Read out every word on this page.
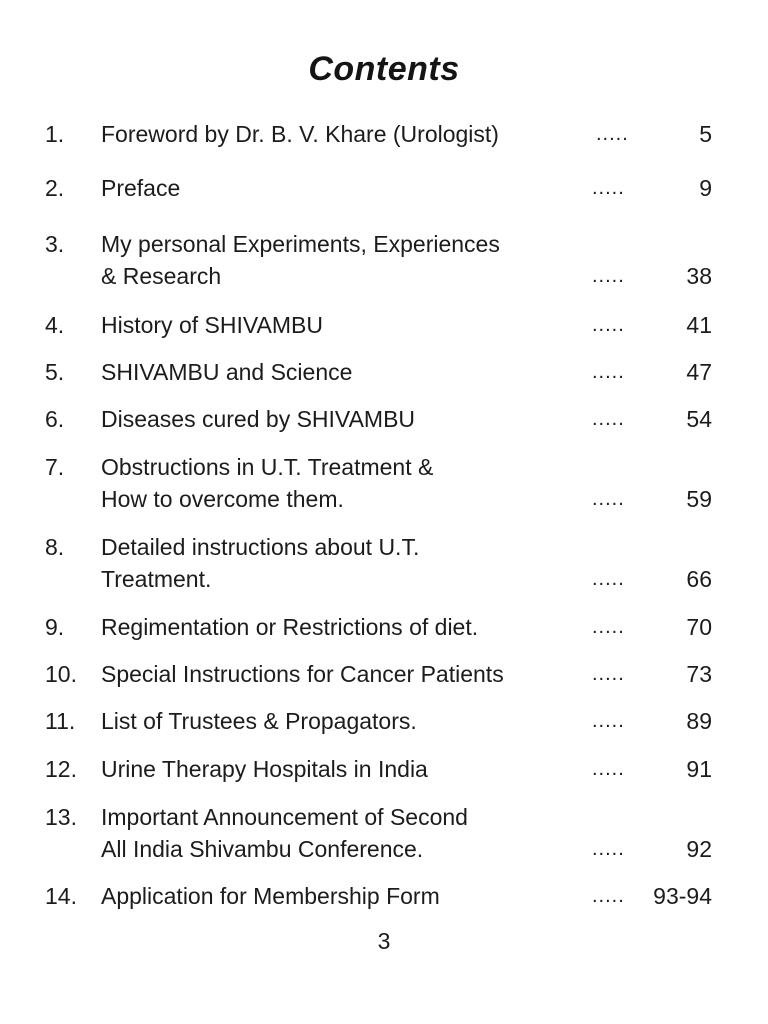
Contents
1.	Foreword by Dr. B. V. Khare (Urologist)	.....	5
2.	Preface	.....	9
3.	My personal Experiments, Experiences
& Research	.....	38
4.	History of SHIVAMBU	.....	41
5.	SHIVAMBU and Science	.....	47
6.	Diseases cured by SHIVAMBU	.....	54
7.	Obstructions in U.T. Treatment &
How to overcome them.	.....	59
8.	Detailed instructions about U.T.
Treatment.	.....	66
9.	Regimentation or Restrictions of diet.	.....	70
10.	Special Instructions for Cancer Patients	.....	73
11.	List of Trustees & Propagators.	.....	89
12.	Urine Therapy Hospitals in India	.....	91
13.	Important Announcement of Second
All India Shivambu Conference.	.....	92
14.	Application for Membership Form	.....	93-94
3
